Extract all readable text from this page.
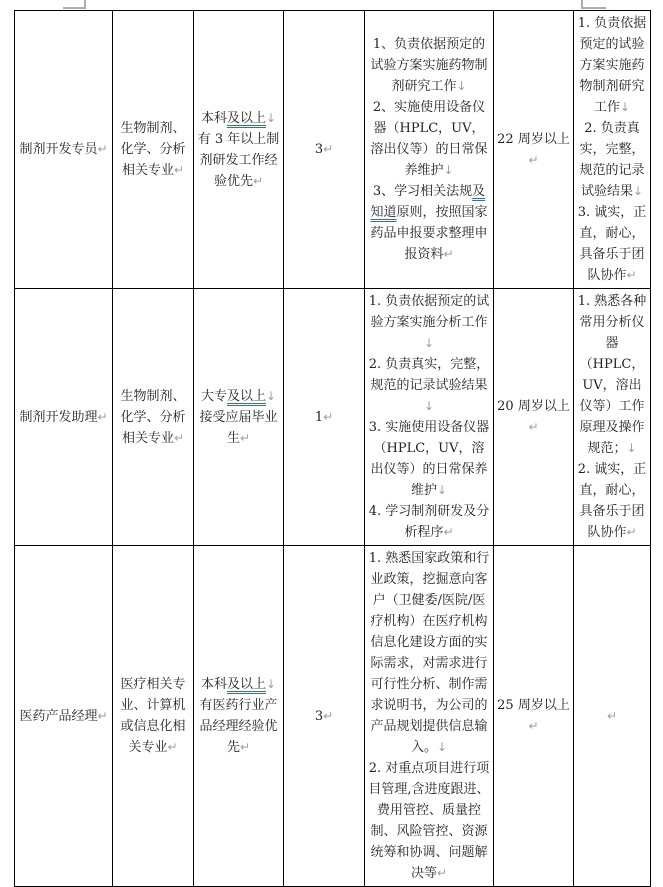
制剂开发专员↵	生物制剂、化学、分析相关专业↵	本科及以上↓
有 3 年以上制剂研发工作经验优先↵	3↵	1、负责依据预定的试验方案实施药物制剂研究工作↓
2、实施使用设备仪器（HPLC，UV，溶出仪等）的日常保养维护↓
3、学习相关法规及知道原则，按照国家药品申报要求整理申报资料↵	22 周岁以上↵	1. 负责依据预定的试验方案实施药物制剂研究工作↓
2. 负责真实，完整，规范的记录试验结果↓
3. 诚实，正直，耐心，具备乐于团队协作↵
制剂开发助理↵	生物制剂、化学、分析相关专业↵	大专及以上↓
接受应届毕业生↵	1↵	1. 负责依据预定的试验方案实施分析工作↓
2. 负责真实，完整，规范的记录试验结果↓
3. 实施使用设备仪器（HPLC，UV，溶出仪等）的日常保养维护↓
4. 学习制剂研发及分析程序↵	20 周岁以上↵	1. 熟悉各种常用分析仪器（HPLC，UV，溶出仪等）工作原理及操作规范；↓
2. 诚实，正直，耐心，具备乐于团队协作↵
医药产品经理↵	医疗相关专业、计算机或信息化相关专业↵	本科及以上↓
有医药行业产品经理经验优先↵	3↵	1. 熟悉国家政策和行业政策，挖掘意向客户（卫健委/医院/医疗机构）在医疗机构信息化建设方面的实际需求，对需求进行可行性分析、制作需求说明书，为公司的产品规划提供信息输入。↓
2. 对重点项目进行项目管理,含进度跟进、费用管控、质量控制、风险管控、资源统筹和协调、问题解决等↵	25 周岁以上↵	↵
